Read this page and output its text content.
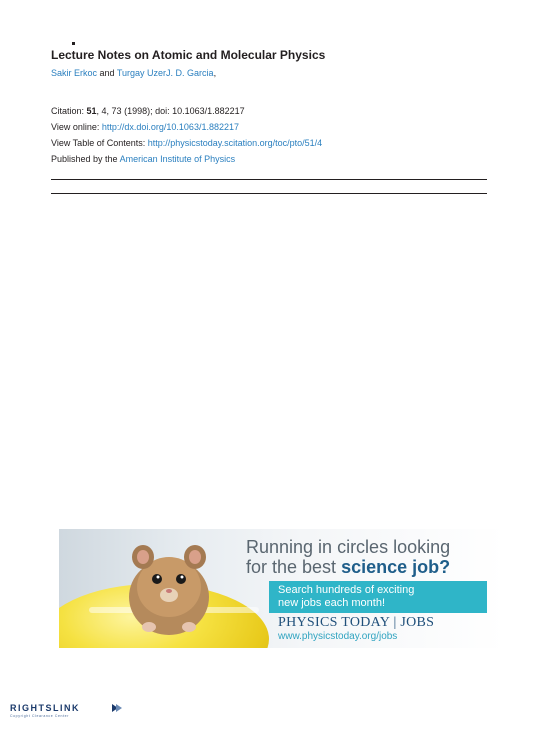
Lecture Notes on Atomic and Molecular Physics
Sakir Erkoc and Turgay UzerJ. D. Garcia,
Citation: 51, 4, 73 (1998); doi: 10.1063/1.882217
View online: http://dx.doi.org/10.1063/1.882217
View Table of Contents: http://physicstoday.scitation.org/toc/pto/51/4
Published by the American Institute of Physics
Running in circles looking
for the best science job?
Search hundreds of exciting
new jobs each month!
PHYSICS TODAY | JOBS
www.physicstoday.org/jobs
RIGHTSLINK
Copyright Clearance Center
